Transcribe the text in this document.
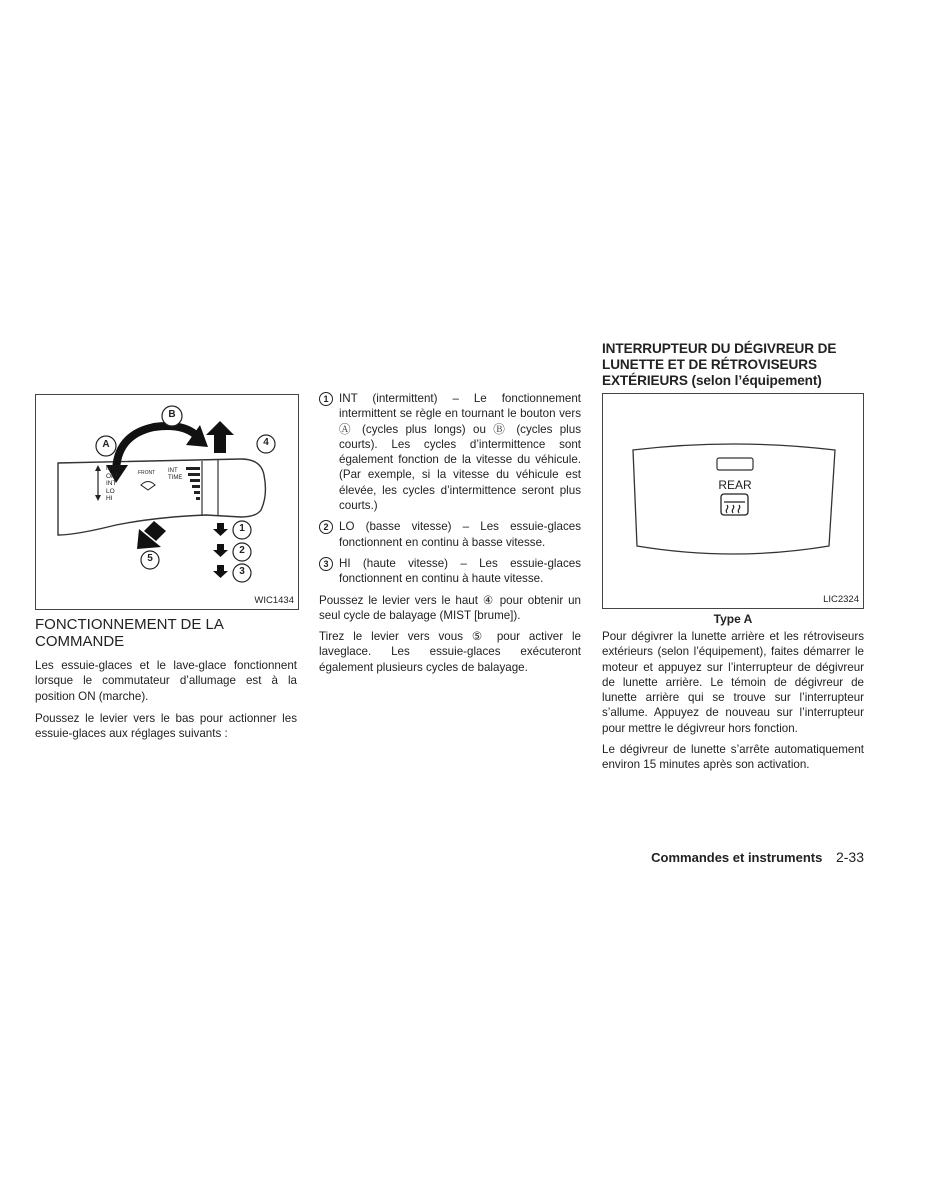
A
B
4
5
1
2
3
MIST
OFF
INT
LO
HI
FRONT INT
TIME
WIC1434
FONCTIONNEMENT DE LA COMMANDE

Les essuie-glaces et le lave-glace fonctionnent lorsque le commutateur d’allumage est à la position ON (marche).

Poussez le levier vers le bas pour actionner les essuie-glaces aux réglages suivants :

1 INT (intermittent) – Le fonctionnement intermittent se règle en tournant le bouton vers Ⓐ (cycles plus longs) ou Ⓑ (cycles plus courts). Les cycles d’intermittence sont également fonction de la vitesse du véhicule. (Par exemple, si la vitesse du véhicule est élevée, les cycles d’intermittence seront plus courts.)

2 LO (basse vitesse) – Les essuie-glaces fonctionnent en continu à basse vitesse.

3 HI (haute vitesse) – Les essuie-glaces fonctionnent en continu à haute vitesse.

Poussez le levier vers le haut ④ pour obtenir un seul cycle de balayage (MIST [brume]).

Tirez le levier vers vous ⑤ pour activer le laveglace. Les essuie-glaces exécuteront également plusieurs cycles de balayage.

INTERRUPTEUR DU DÉGIVREUR DE LUNETTE ET DE RÉTROVISEURS EXTÉRIEURS (selon l’équipement)
REAR
LIC2324
Type A

Pour dégivrer la lunette arrière et les rétroviseurs extérieurs (selon l’équipement), faites démarrer le moteur et appuyez sur l’interrupteur de dégivreur de lunette arrière. Le témoin de dégivreur de lunette arrière qui se trouve sur l’interrupteur s’allume. Appuyez de nouveau sur l’interrupteur pour mettre le dégivreur hors fonction.

Le dégivreur de lunette s’arrête automatiquement environ 15 minutes après son activation.

Commandes et instruments 2-33
